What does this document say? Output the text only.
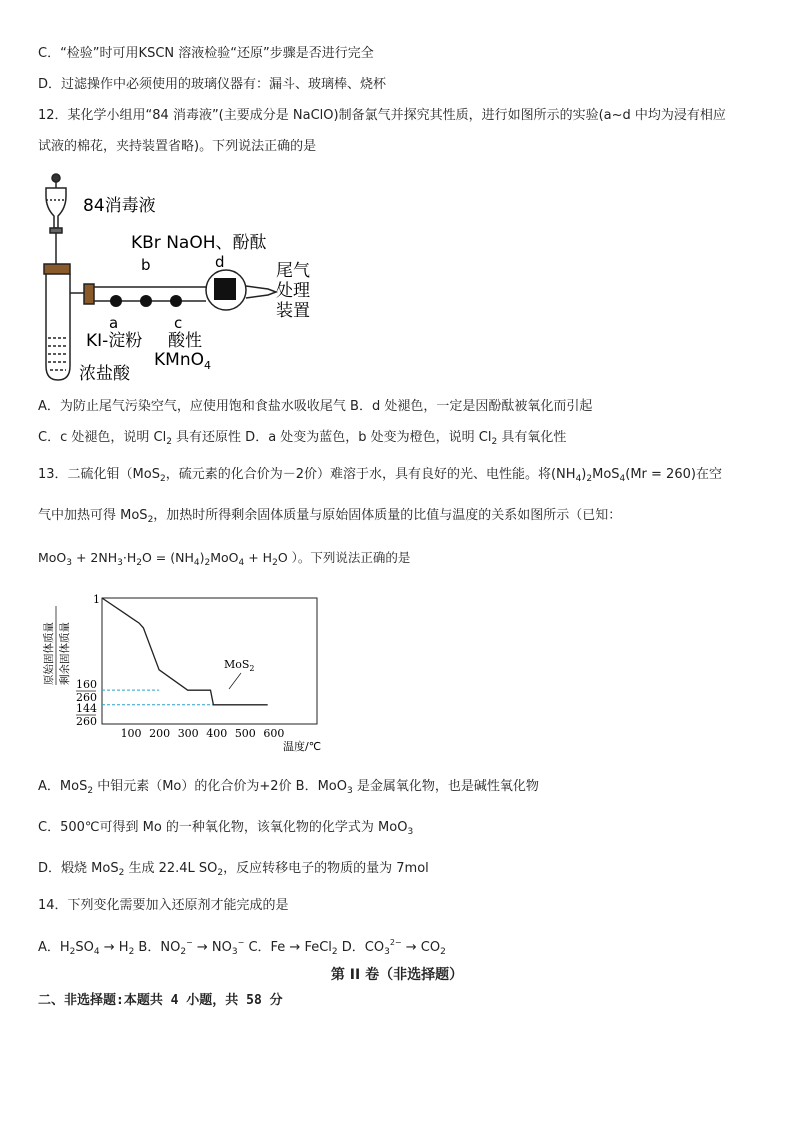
C．“检验”时可用KSCN 溶液检验“还原”步骤是否进行完全
D．过滤操作中必须使用的玻璃仪器有：漏斗、玻璃棒、烧杯
12．某化学小组用“84 消毒液”(主要成分是 NaClO)制备氯气并探究其性质，进行如图所示的实验(a~d 中均为浸有相应
试液的棉花，夹持装置省略)。下列说法正确的是
84消毒液
浓盐酸
KBr NaOH、酚酞
b	d
a	c
KI-淀粉 酸性
KMnO$_4$
尾气
处理
装置
A．为防止尾气污染空气，应使用饱和食盐水吸收尾气 B．d 处褪色，一定是因酚酞被氧化而引起
C．c 处褪色，说明 $Cl_2$ 具有还原性 D．a 处变为蓝色，b 处变为橙色，说明 $Cl_2$ 具有氧化性
13．二硫化钼（MoS$_2$，硫元素的化合价为－2价）难溶于水，具有良好的光、电性能。将$(NH_4)_2MoS_4(Mr = 260)$在空
气中加热可得 MoS$_2$，加热时所得剩余固体质量与原始固体质量的比值与温度的关系如图所示（已知：
$MoO_3 + 2NH_3\cdot H_2O = (NH_4)_2MoO_4 + H_2O$ ）。下列说法正确的是
原始固体质量 剩余固体质量
1
160
260
144
260
100 200 300 400 500 600
温度/℃
MoS$_2$
A．MoS$_2$ 中钼元素（Mo）的化合价为+2价 B．MoO$_3$ 是金属氧化物，也是碱性氧化物
C．500℃可得到 Mo 的一种氧化物，该氧化物的化学式为 MoO$_3$
D．煅烧 MoS$_2$ 生成 22.4L $SO_2$，反应转移电子的物质的量为 7mol
14．下列变化需要加入还原剂才能完成的是
A．$H_2SO_4 \to H_2$ B．$NO_2^- \to NO_3^-$ C．Fe → FeCl$_2$ D．$CO_3^{2-} \to CO_2$
第 II 卷（非选择题）
二、非选择题:本题共 4 小题，共 58 分
